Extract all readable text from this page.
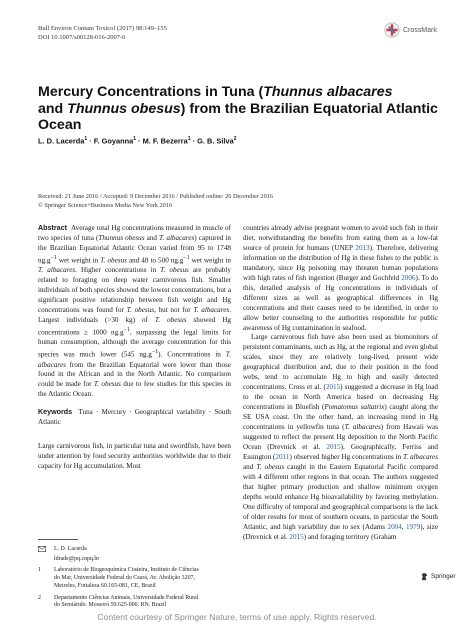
Bull Environ Contam Toxicol (2017) 98:149–155
DOI 10.1007/s00128-016-2007-0
CrossMark
Mercury Concentrations in Tuna (Thunnus albacares
and Thunnus obesus) from the Brazilian Equatorial Atlantic
Ocean
L. D. Lacerda$^1$ · F. Goyanna$^1$ · M. F. Bezerra$^1$ · G. B. Silva$^2$
Received: 21 June 2016 / Accepted: 9 December 2016 / Published online: 26 December 2016
© Springer Science+Business Media New York 2016

Abstract Average total Hg concentrations measured in muscle of two species of tuna (Thunnus obesus and T. albacares) captured in the Brazilian Equatorial Atlantic Ocean varied from 95 to 1748 $ng.g^{-1}$ wet weight in T. obesus and 48 to 500 $ng.g^{-1}$ wet weight in T. albacares. Higher concentrations in T. obesus are probably related to foraging on deep water carnivorous fish. Smaller individuals of both species showed the lowest concentrations, but a significant positive relationship between fish weight and Hg concentrations was found for T. obesus, but not for T. albacares. Largest individuals (>30 kg) of T. obesus showed Hg concentrations ≥ 1000 $ng.g^{-1}$, surpassing the legal limits for human consumption, although the average concentration for this species was much lower (545 $ng.g^{-1}$). Concentrations in T. albacares from the Brazilian Equatorial were lower than those found in the African and in the North Atlantic. No comparison could be made for T. obesus due to few studies for this species in the Atlantic Ocean.

Keywords Tuna · Mercury · Geographical variability · South Atlantic

Large carnivorous fish, in particular tuna and swordfish, have been under attention by food security authorities worldwide due to their capacity for Hg accumulation. Most

countries already advise pregnant women to avoid such fish in their diet, notwithstanding the benefits from eating them as a low-fat source of protein for humans (UNEP 2013). Therefore, delivering information on the distribution of Hg in these fishes to the public is mandatory, since Hg poisoning may threaten human populations with high rates of fish ingestion (Burger and Gochfeld 2006). To do this, detailed analysis of Hg concentrations in individuals of different sizes as well as geographical differences in Hg concentrations and their causes need to be identified, in order to allow better counseling to the authorities responsible for public awareness of Hg contamination in seafood.

Large carnivorous fish have also been used as biomonitors of persistent contaminants, such as Hg, at the regional and even global scales, since they are relatively long-lived, present wide geographical distribution and, due to their position in the food webs, tend to accumulate Hg to high and easily detected concentrations. Cross et al. (2015) suggested a decrease in Hg load to the ocean in North America based on decreasing Hg concentrations in Bluefish (Pomatomus saltatrix) caught along the SE USA coast. On the other hand, an increasing trend in Hg concentrations in yellowfin tuna (T. albacares) from Hawaii was suggested to reflect the present Hg deposition to the North Pacific Ocean (Drevnick et al. 2015). Geographically, Ferriss and Essington (2011) observed higher Hg concentrations in T. albacares and T. obesus caught in the Eastern Equatorial Pacific compared with 4 different other regions in that ocean. The authors suggested that higher primary production and shallow minimum oxygen depths would enhance Hg bioavailability by favoring methylation. One difficulty of temporal and geographical comparisons is the lack of older results for most of southern oceans, in particular the South Atlantic, and high variability due to sex (Adams 2004, 1979), size (Drevnick et al. 2015) and foraging territory (Graham

L. D. Lacerda
ldrade@pq.cnpq.br
1	Laboratório de Biogeoquímica Costeira, Instituto de Ciências
do Mar, Universidade Federal do Ceará, Av. Abolição 3207,
Meireles, Fortaleza 60.165-081, CE, Brazil
2	Departamento Ciências Animais, Universidade Federal Rural
Springer
Content courtesy of Springer Nature, terms of use apply. Rights reserved.
